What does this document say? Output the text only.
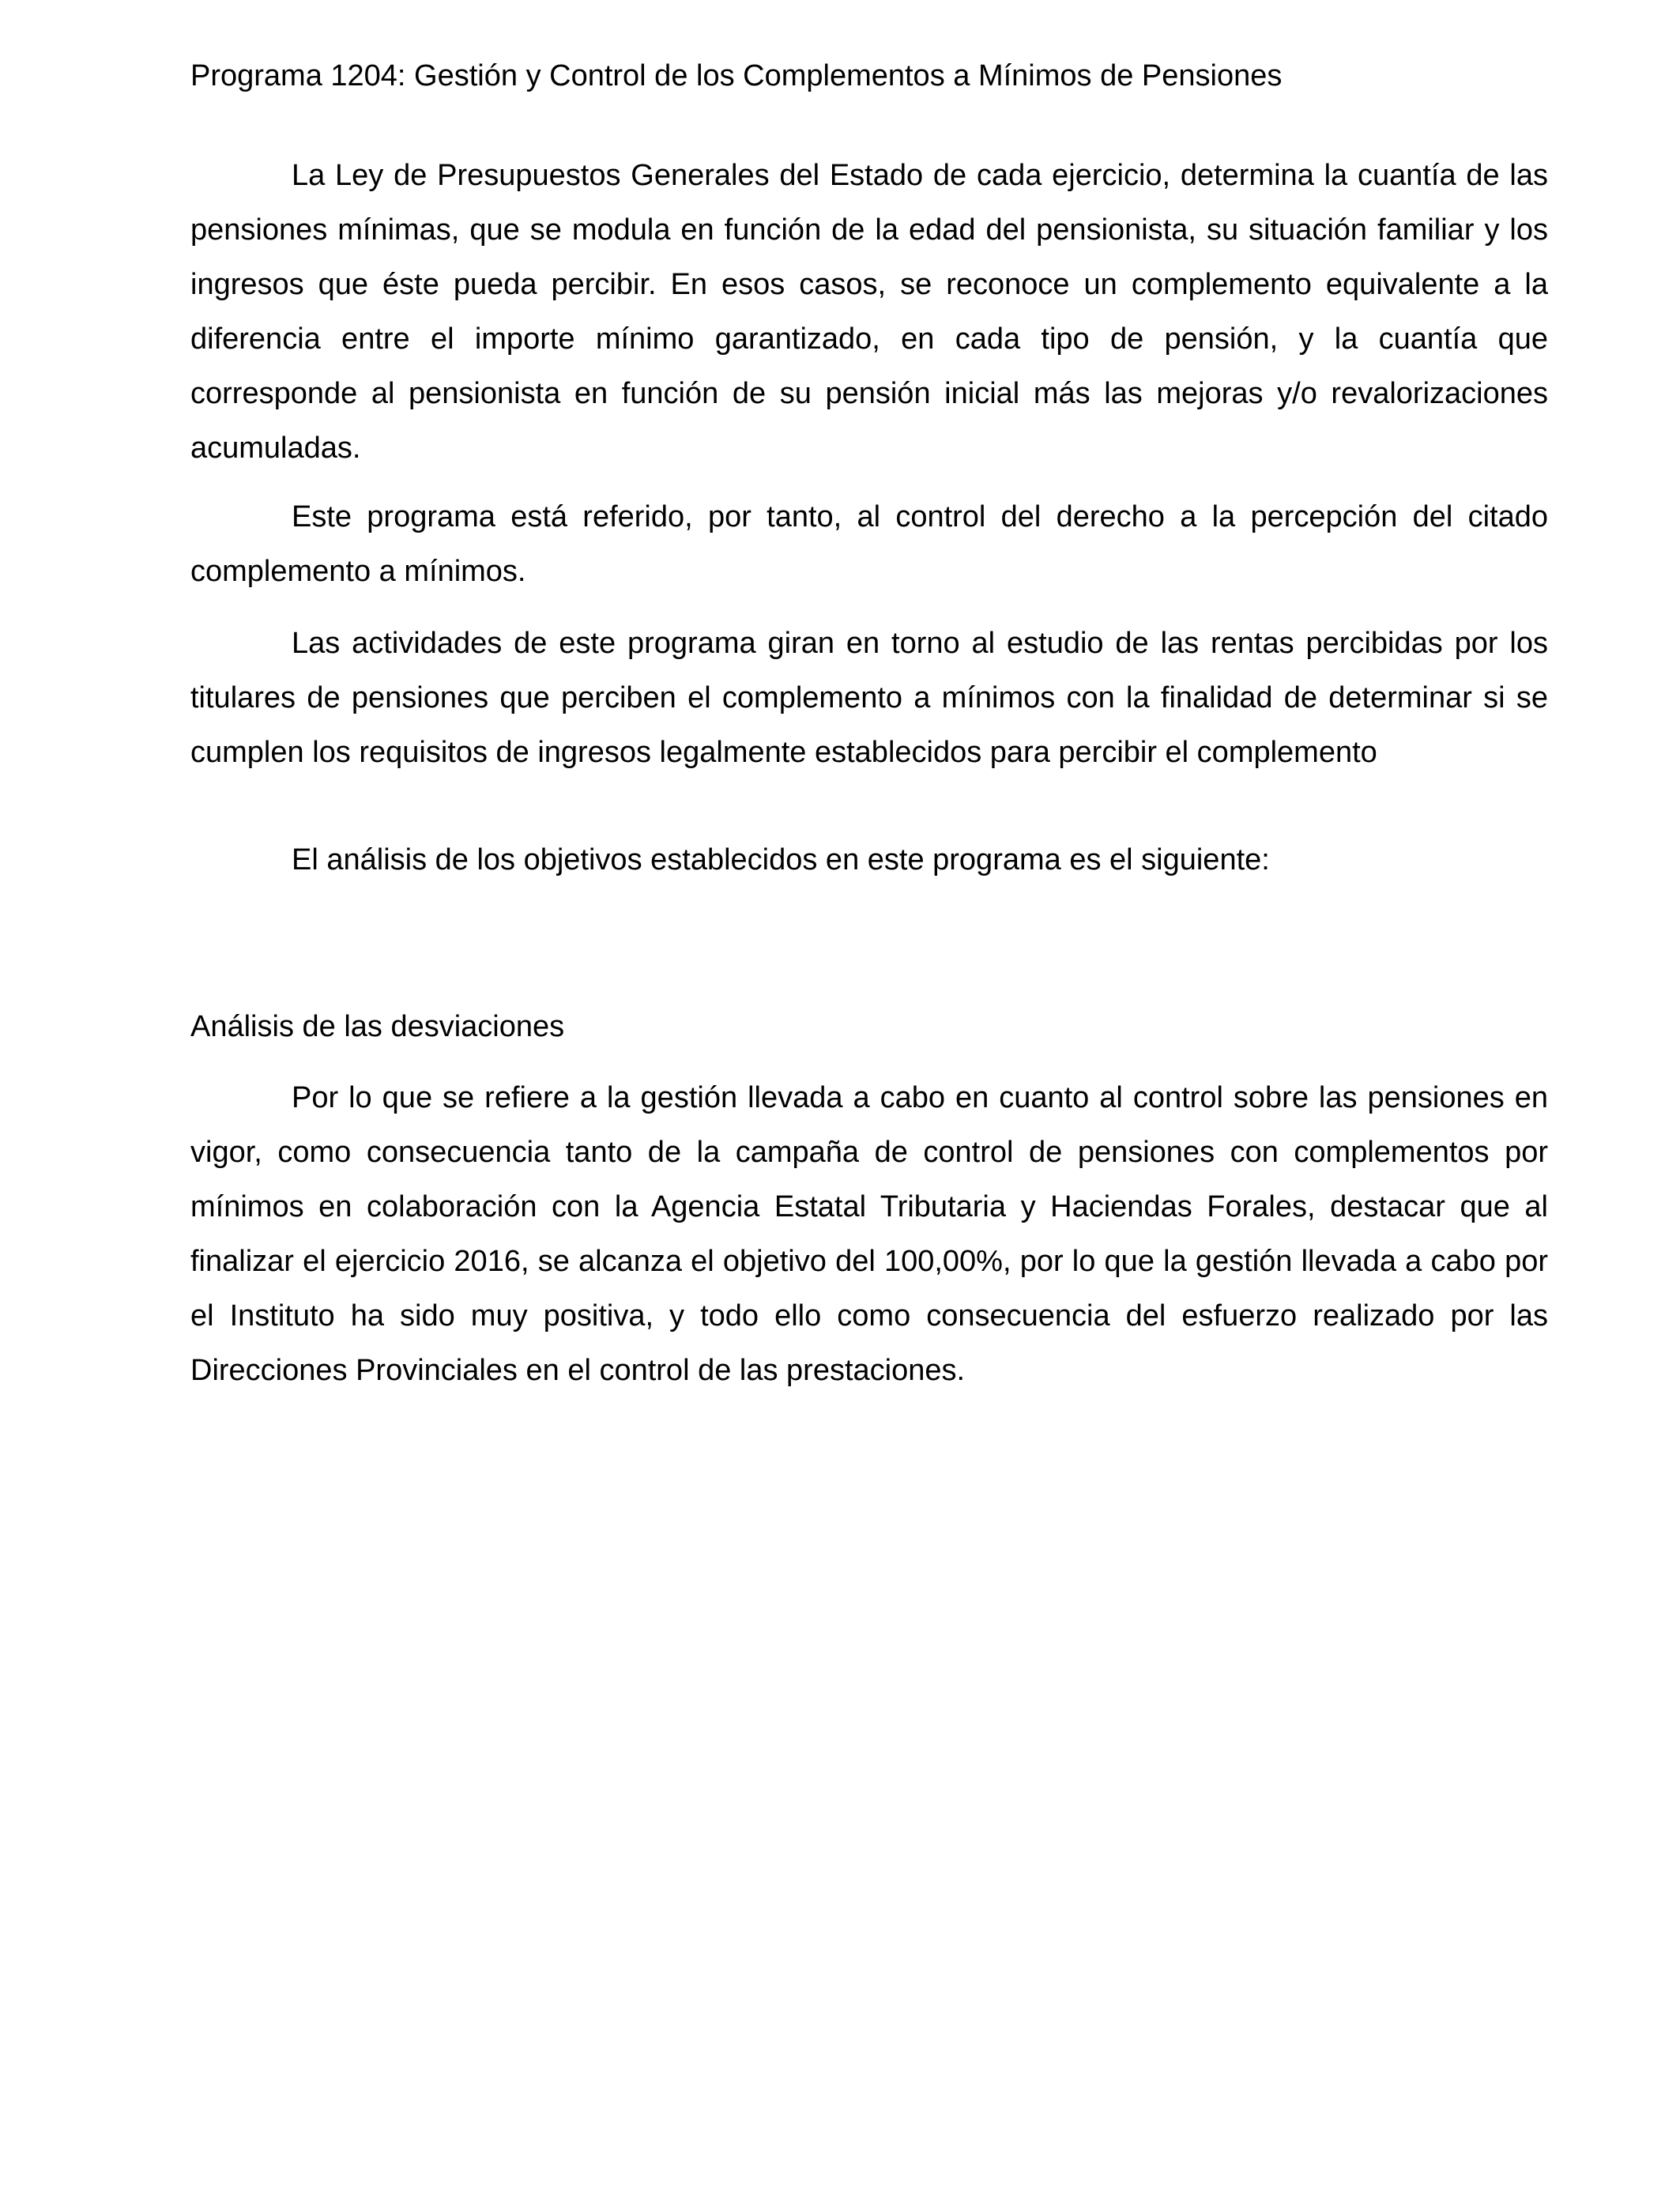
Programa 1204: Gestión y Control de los Complementos a Mínimos de Pensiones

La Ley de Presupuestos Generales del Estado de cada ejercicio, determina la cuantía de las pensiones mínimas, que se modula en función de la edad del pensionista, su situación familiar y los ingresos que éste pueda percibir. En esos casos, se reconoce un complemento equivalente a la diferencia entre el importe mínimo garantizado, en cada tipo de pensión, y la cuantía que corresponde al pensionista en función de su pensión inicial más las mejoras y/o revalorizaciones acumuladas.

Este programa está referido, por tanto, al control del derecho a la percepción del citado complemento a mínimos.

Las actividades de este programa giran en torno al estudio de las rentas percibidas por los titulares de pensiones que perciben el complemento a mínimos con la finalidad de determinar si se cumplen los requisitos de ingresos legalmente establecidos para percibir el complemento

El análisis de los objetivos establecidos en este programa es el siguiente:

Análisis de las desviaciones

Por lo que se refiere a la gestión llevada a cabo en cuanto al control sobre las pensiones en vigor, como consecuencia tanto de la campaña de control de pensiones con complementos por mínimos en colaboración con la Agencia Estatal Tributaria y Haciendas Forales, destacar que al finalizar el ejercicio 2016, se alcanza el objetivo del 100,00%, por lo que la gestión llevada a cabo por el Instituto ha sido muy positiva, y todo ello como consecuencia del esfuerzo realizado por las Direcciones Provinciales en el control de las prestaciones.
